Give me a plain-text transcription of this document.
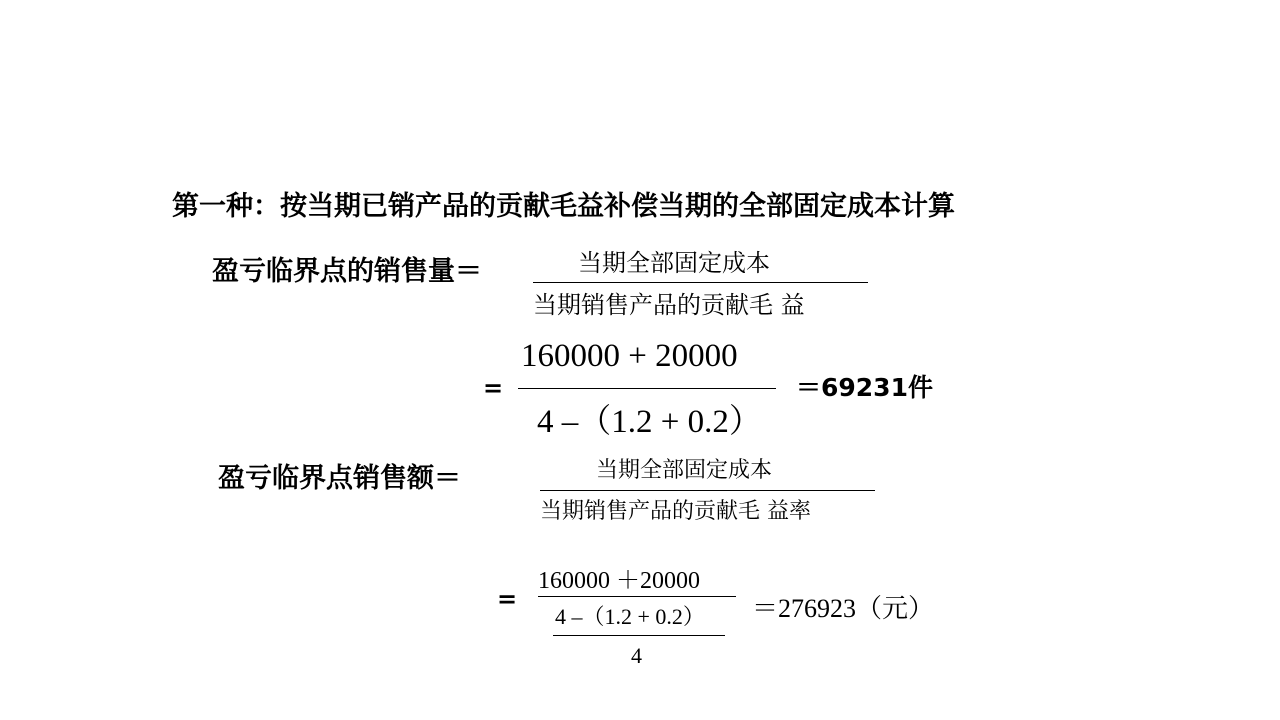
第一种：按当期已销产品的贡献毛益补偿当期的全部固定成本计算
盈亏临界点的销售量＝	当期全部固定成本
当期销售产品的贡献毛 益
=
160000 + 20000
4 –（1.2 + 0.2）
＝69231件
盈亏临界点销售额＝	当期全部固定成本
当期销售产品的贡献毛 益率
=
160000 ＋20000
4 –（1.2 + 0.2）
4
＝276923（元）
